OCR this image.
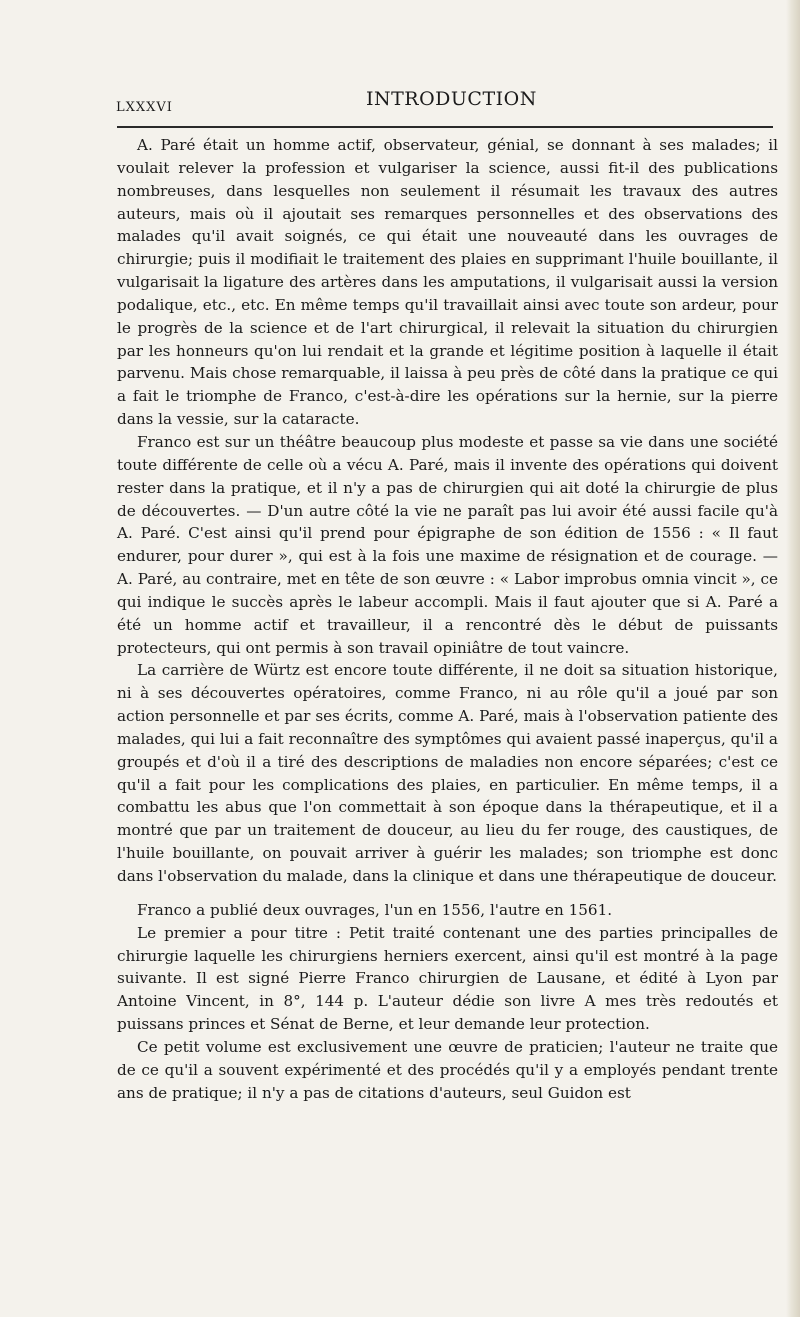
LXXXVI	INTRODUCTION

A. Paré était un homme actif, observateur, génial, se donnant à ses malades; il voulait relever la profession et vulgariser la science, aussi fit-il des publications nombreuses, dans lesquelles non seulement il résumait les travaux des autres auteurs, mais où il ajoutait ses remarques personnelles et des observations des malades qu'il avait soignés, ce qui était une nouveauté dans les ouvrages de chirurgie; puis il modifiait le traitement des plaies en supprimant l'huile bouillante, il vulgarisait la ligature des artères dans les amputations, il vulgarisait aussi la version podalique, etc., etc. En même temps qu'il travaillait ainsi avec toute son ardeur, pour le progrès de la science et de l'art chirurgical, il relevait la situation du chirurgien par les honneurs qu'on lui rendait et la grande et légitime position à laquelle il était parvenu. Mais chose remarquable, il laissa à peu près de côté dans la pratique ce qui a fait le triomphe de Franco, c'est-à-dire les opérations sur la hernie, sur la pierre dans la vessie, sur la cataracte.

Franco est sur un théâtre beaucoup plus modeste et passe sa vie dans une société toute différente de celle où a vécu A. Paré, mais il invente des opérations qui doivent rester dans la pratique, et il n'y a pas de chirurgien qui ait doté la chirurgie de plus de découvertes. — D'un autre côté la vie ne paraît pas lui avoir été aussi facile qu'à A. Paré. C'est ainsi qu'il prend pour épigraphe de son édition de 1556 : « Il faut endurer, pour durer », qui est à la fois une maxime de résignation et de courage. — A. Paré, au contraire, met en tête de son œuvre : « Labor improbus omnia vincit », ce qui indique le succès après le labeur accompli. Mais il faut ajouter que si A. Paré a été un homme actif et travailleur, il a rencontré dès le début de puissants protecteurs, qui ont permis à son travail opiniâtre de tout vaincre.

La carrière de Würtz est encore toute différente, il ne doit sa situation historique, ni à ses découvertes opératoires, comme Franco, ni au rôle qu'il a joué par son action personnelle et par ses écrits, comme A. Paré, mais à l'observation patiente des malades, qui lui a fait reconnaître des symptômes qui avaient passé inaperçus, qu'il a groupés et d'où il a tiré des descriptions de maladies non encore séparées; c'est ce qu'il a fait pour les complications des plaies, en particulier. En même temps, il a combattu les abus que l'on commettait à son époque dans la thérapeutique, et il a montré que par un traitement de douceur, au lieu du fer rouge, des caustiques, de l'huile bouillante, on pouvait arriver à guérir les malades; son triomphe est donc dans l'observation du malade, dans la clinique et dans une thérapeutique de douceur.

Franco a publié deux ouvrages, l'un en 1556, l'autre en 1561.

Le premier a pour titre : Petit traité contenant une des parties principalles de chirurgie laquelle les chirurgiens herniers exercent, ainsi qu'il est montré à la page suivante. Il est signé Pierre Franco chirurgien de Lausane, et édité à Lyon par Antoine Vincent, in 8°, 144 p. L'auteur dédie son livre A mes très redoutés et puissans princes et Sénat de Berne, et leur demande leur protection.

Ce petit volume est exclusivement une œuvre de praticien; l'auteur ne traite que de ce qu'il a souvent expérimenté et des procédés qu'il y a employés pendant trente ans de pratique; il n'y a pas de citations d'auteurs, seul Guidon est
